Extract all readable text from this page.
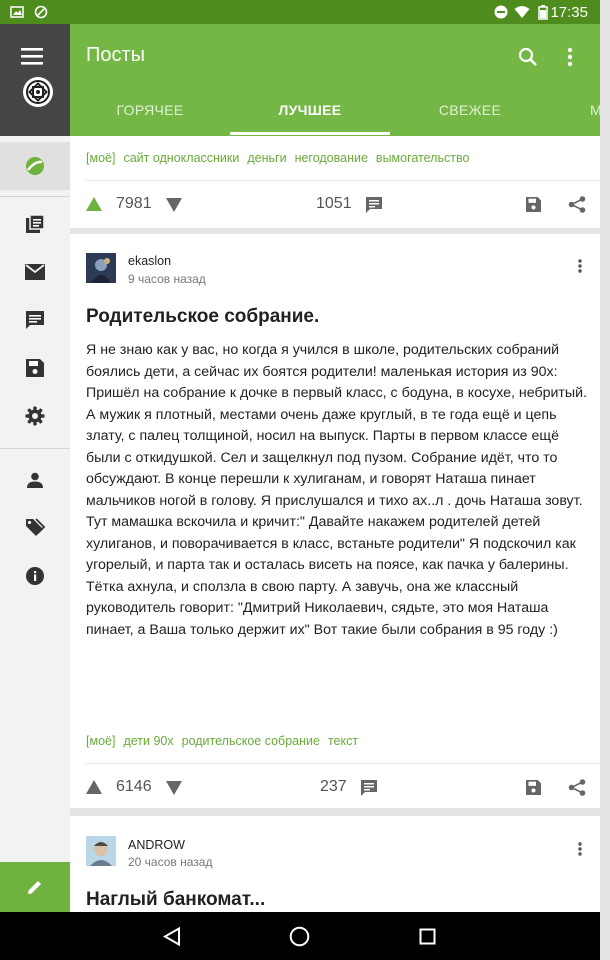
17:35
Посты
ГОРЯЧЕЕ	ЛУЧШЕЕ	СВЕЖЕЕ	М
[моё] сайт одноклассники деньги негодование вымогательство
7981	1051
ekaslon
9 часов назад
Родительское собрание.
Я не знаю как у вас, но когда я учился в школе, родительских собраний
боялись дети, а сейчас их боятся родители! маленькая история из 90х:
Пришёл на собрание к дочке в первый класс, с бодуна, в косухе, небритый.
А мужик я плотный, местами очень даже круглый, в те года ещё и цепь
злату, с палец толщиной, носил на выпуск. Парты в первом классе ещё
были с откидушкой. Сел и защелкнул под пузом. Собрание идёт, что то
обсуждают. В конце перешли к хулиганам, и говорят Наташа пинает
мальчиков ногой в голову. Я прислушался и тихо ах..л . дочь Наташа зовут.
Тут мамашка вскочила и кричит:" Давайте накажем родителей детей
хулиганов, и поворачивается в класс, встаньте родители" Я подскочил как
угорелый, и парта так и осталась висеть на поясе, как пачка у балерины.
Тётка ахнула, и сползла в свою парту. А завучь, она же классный
руководитель говорит: "Дмитрий Николаевич, сядьте, это моя Наташа
пинает, а Ваша только держит их" Вот такие были собрания в 95 году :)
[моё] дети 90х родительское собрание текст
6146	237
ANDROW
20 часов назад
Наглый банкомат...
